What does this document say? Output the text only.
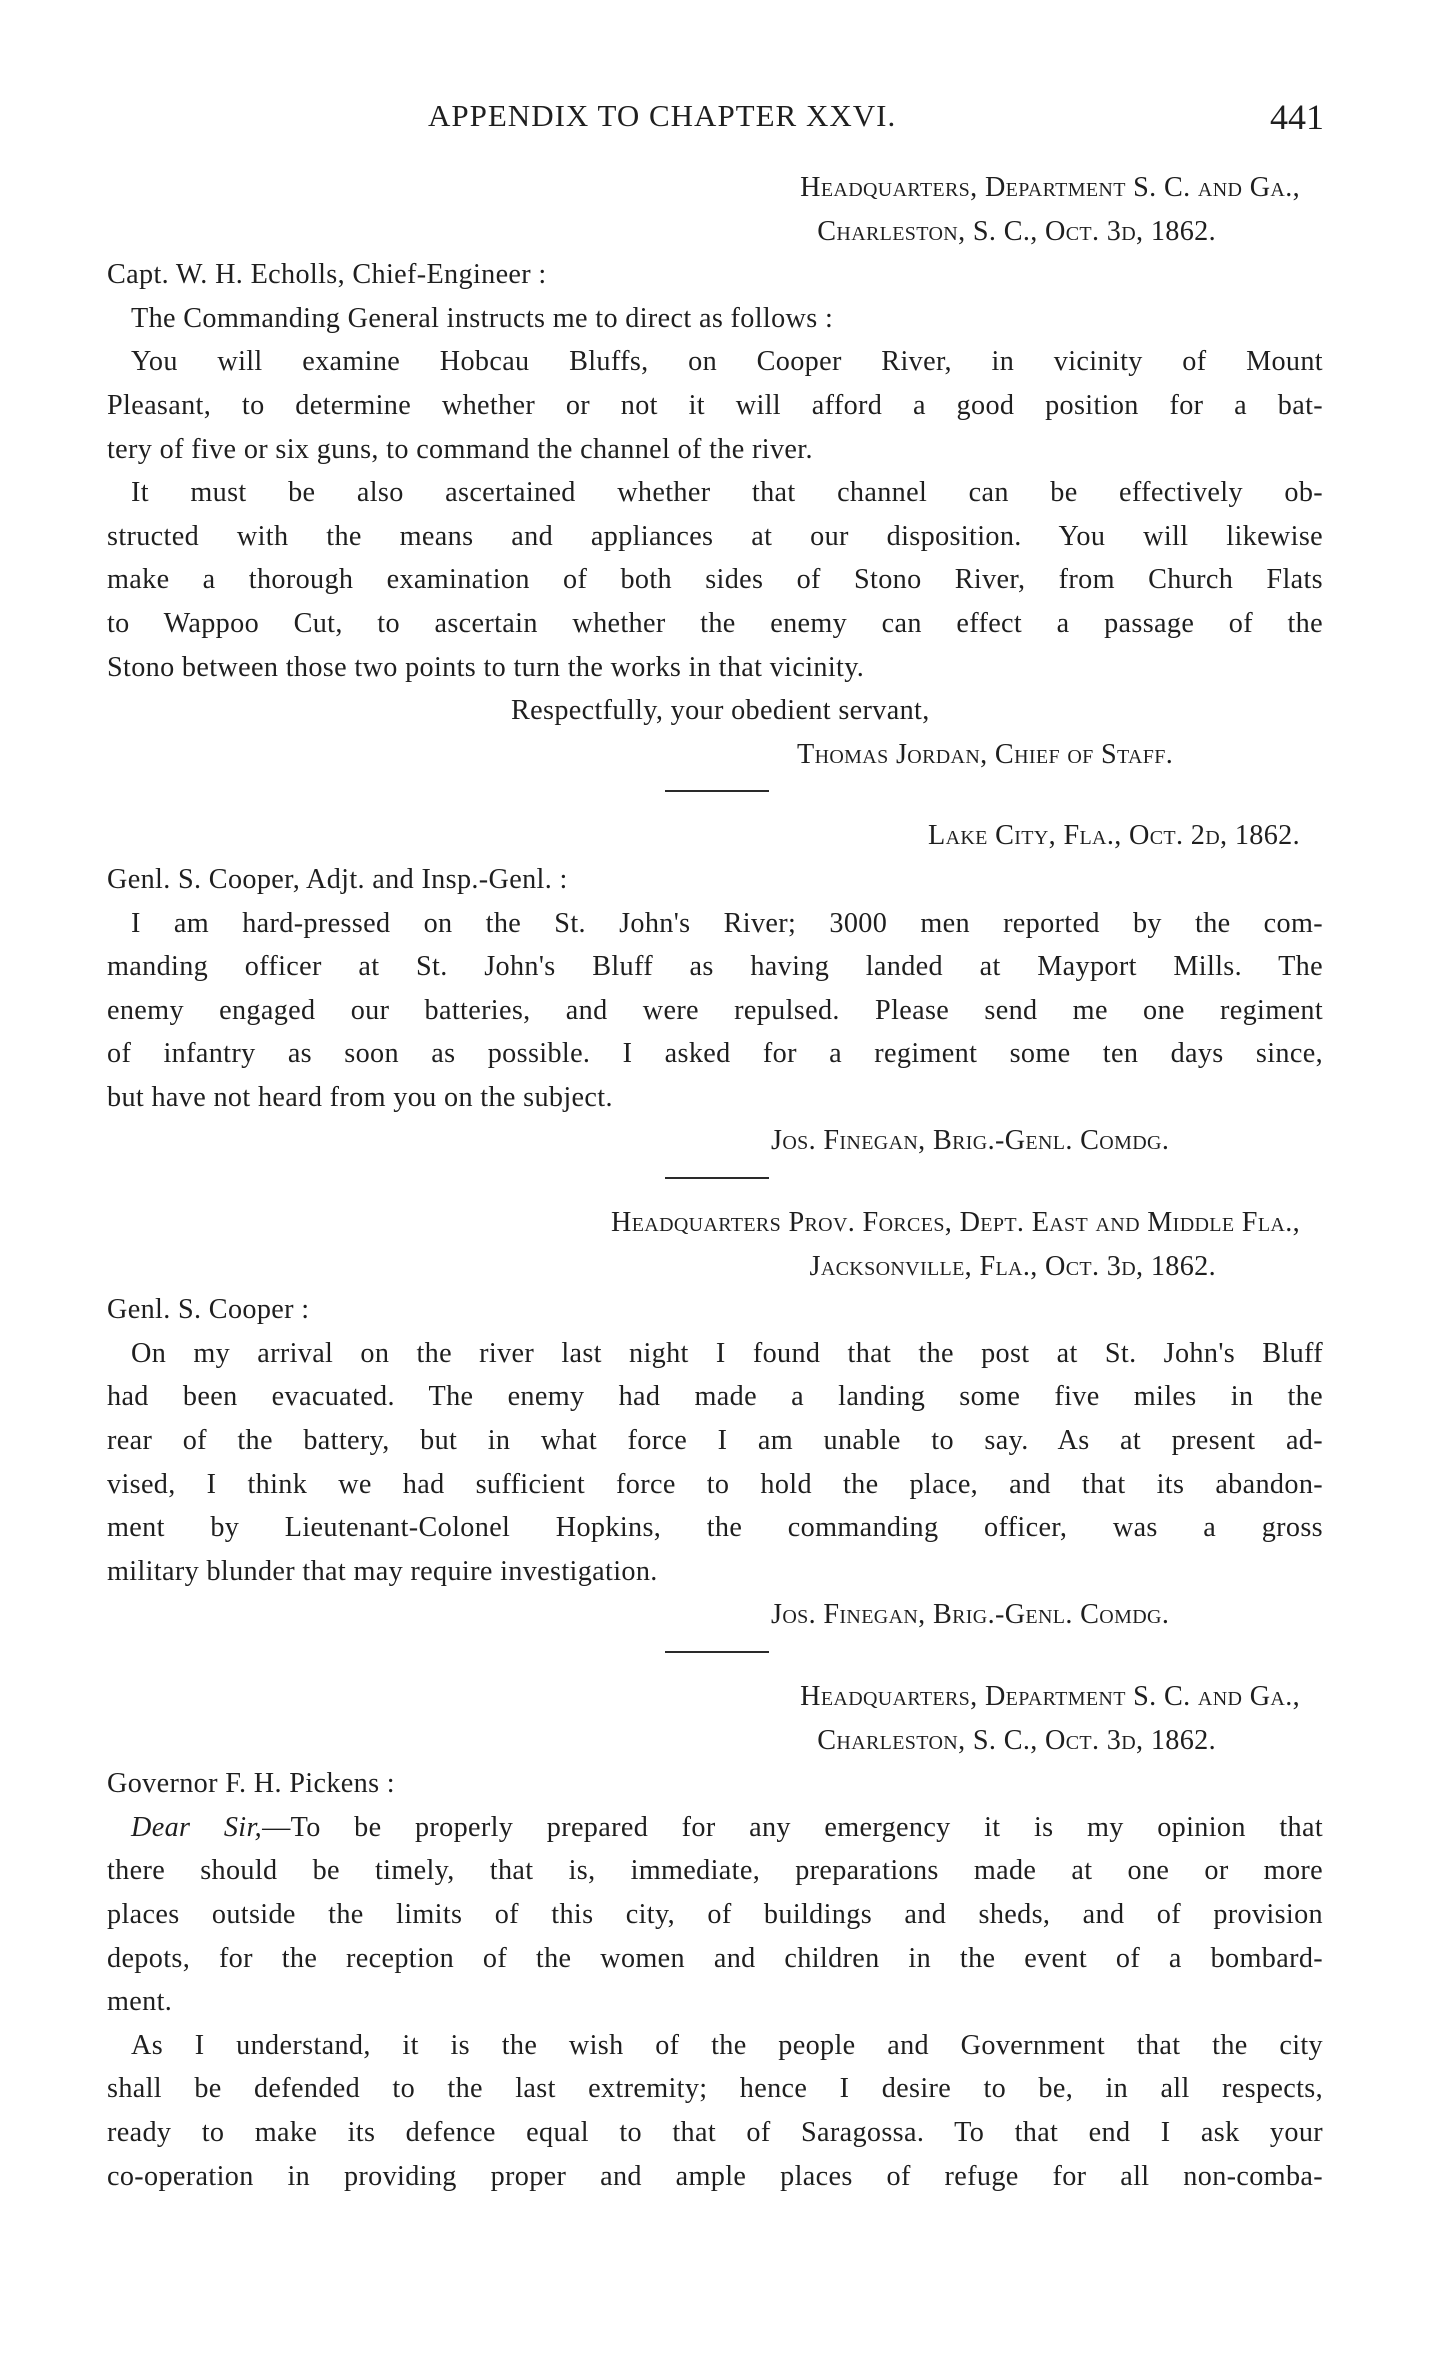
APPENDIX TO CHAPTER XXVI.	441
Headquarters, Department S. C. and Ga.,
Charleston, S. C., Oct. 3d, 1862.
Capt. W. H. Echolls, Chief-Engineer :
The Commanding General instructs me to direct as follows :
You will examine Hobcau Bluffs, on Cooper River, in vicinity of Mount
Pleasant, to determine whether or not it will afford a good position for a bat-
tery of five or six guns, to command the channel of the river.
It must be also ascertained whether that channel can be effectively ob-
structed with the means and appliances at our disposition. You will likewise
make a thorough examination of both sides of Stono River, from Church Flats
to Wappoo Cut, to ascertain whether the enemy can effect a passage of the
Stono between those two points to turn the works in that vicinity.
Respectfully, your obedient servant,
Thomas Jordan, Chief of Staff.
Lake City, Fla., Oct. 2d, 1862.
Genl. S. Cooper, Adjt. and Insp.-Genl. :
I am hard-pressed on the St. John's River; 3000 men reported by the com-
manding officer at St. John's Bluff as having landed at Mayport Mills. The
enemy engaged our batteries, and were repulsed. Please send me one regiment
of infantry as soon as possible. I asked for a regiment some ten days since,
but have not heard from you on the subject.
Jos. Finegan, Brig.-Genl. Comdg.
Headquarters Prov. Forces, Dept. East and Middle Fla.,
Jacksonville, Fla., Oct. 3d, 1862.
Genl. S. Cooper :
On my arrival on the river last night I found that the post at St. John's Bluff
had been evacuated. The enemy had made a landing some five miles in the
rear of the battery, but in what force I am unable to say. As at present ad-
vised, I think we had sufficient force to hold the place, and that its abandon-
ment by Lieutenant-Colonel Hopkins, the commanding officer, was a gross
military blunder that may require investigation.
Jos. Finegan, Brig.-Genl. Comdg.
Headquarters, Department S. C. and Ga.,
Charleston, S. C., Oct. 3d, 1862.
Governor F. H. Pickens :
Dear Sir,—To be properly prepared for any emergency it is my opinion that
there should be timely, that is, immediate, preparations made at one or more
places outside the limits of this city, of buildings and sheds, and of provision
depots, for the reception of the women and children in the event of a bombard-
ment.
As I understand, it is the wish of the people and Government that the city
shall be defended to the last extremity; hence I desire to be, in all respects,
ready to make its defence equal to that of Saragossa. To that end I ask your
co-operation in providing proper and ample places of refuge for all non-comba-
